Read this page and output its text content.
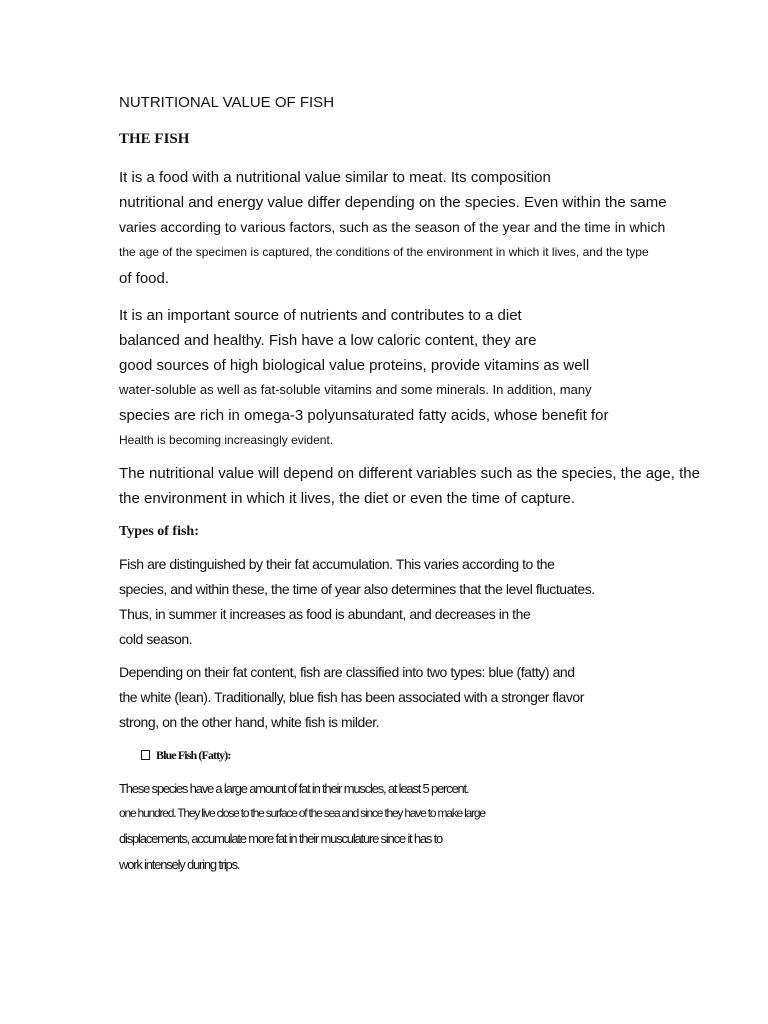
NUTRITIONAL VALUE OF FISH

THE FISH

It is a food with a nutritional value similar to meat. Its composition

nutritional and energy value differ depending on the species. Even within the same

varies according to various factors, such as the season of the year and the time in which

the age of the specimen is captured, the conditions of the environment in which it lives, and the type

of food.

It is an important source of nutrients and contributes to a diet

balanced and healthy. Fish have a low caloric content, they are

good sources of high biological value proteins, provide vitamins as well

water-soluble as well as fat-soluble vitamins and some minerals. In addition, many

species are rich in omega-3 polyunsaturated fatty acids, whose benefit for

Health is becoming increasingly evident.

The nutritional value will depend on different variables such as the species, the age, the

the environment in which it lives, the diet or even the time of capture.

Types of fish:

Fish are distinguished by their fat accumulation. This varies according to the

species, and within these, the time of year also determines that the level fluctuates.

Thus, in summer it increases as food is abundant, and decreases in the

cold season.

Depending on their fat content, fish are classified into two types: blue (fatty) and

the white (lean). Traditionally, blue fish has been associated with a stronger flavor

strong, on the other hand, white fish is milder.

Blue Fish (Fatty):

These species have a large amount of fat in their muscles, at least 5 percent.

one hundred. They live close to the surface of the sea and since they have to make large

displacements, accumulate more fat in their musculature since it has to

work intensely during trips.
